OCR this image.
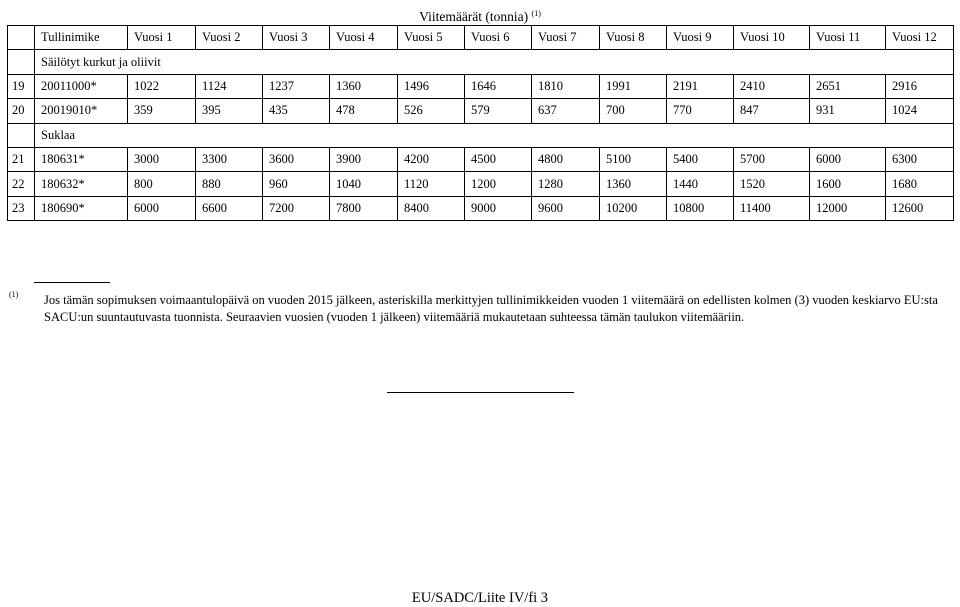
Viitemäärät (tonnia) $^{(1)}$
	Tullinimike	Vuosi 1	Vuosi 2	Vuosi 3	Vuosi 4	Vuosi 5	Vuosi 6	Vuosi 7	Vuosi 8	Vuosi 9	Vuosi 10	Vuosi 11	Vuosi 12
	Säilötyt kurkut ja oliivit												
19	20011000*	1022	1124	1237	1360	1496	1646	1810	1991	2191	2410	2651	2916
20	20019010*	359	395	435	478	526	579	637	700	770	847	931	1024
	Suklaa												
21	180631*	3000	3300	3600	3900	4200	4500	4800	5100	5400	5700	6000	6300
22	180632*	800	880	960	1040	1120	1200	1280	1360	1440	1520	1600	1680
23	180690*	6000	6600	7200	7800	8400	9000	9600	10200	10800	11400	12000	12600
(1) Jos tämän sopimuksen voimaantulopäivä on vuoden 2015 jälkeen, asteriskilla merkittyjen tullinimikkeiden vuoden 1 viitemäärä on edellisten kolmen (3) vuoden keskiarvo EU:sta SACU:un suuntautuvasta tuonnista. Seuraavien vuosien (vuoden 1 jälkeen) viitemääriä mukautetaan suhteessa tämän taulukon viitemääriin.
EU/SADC/Liite IV/fi 3
